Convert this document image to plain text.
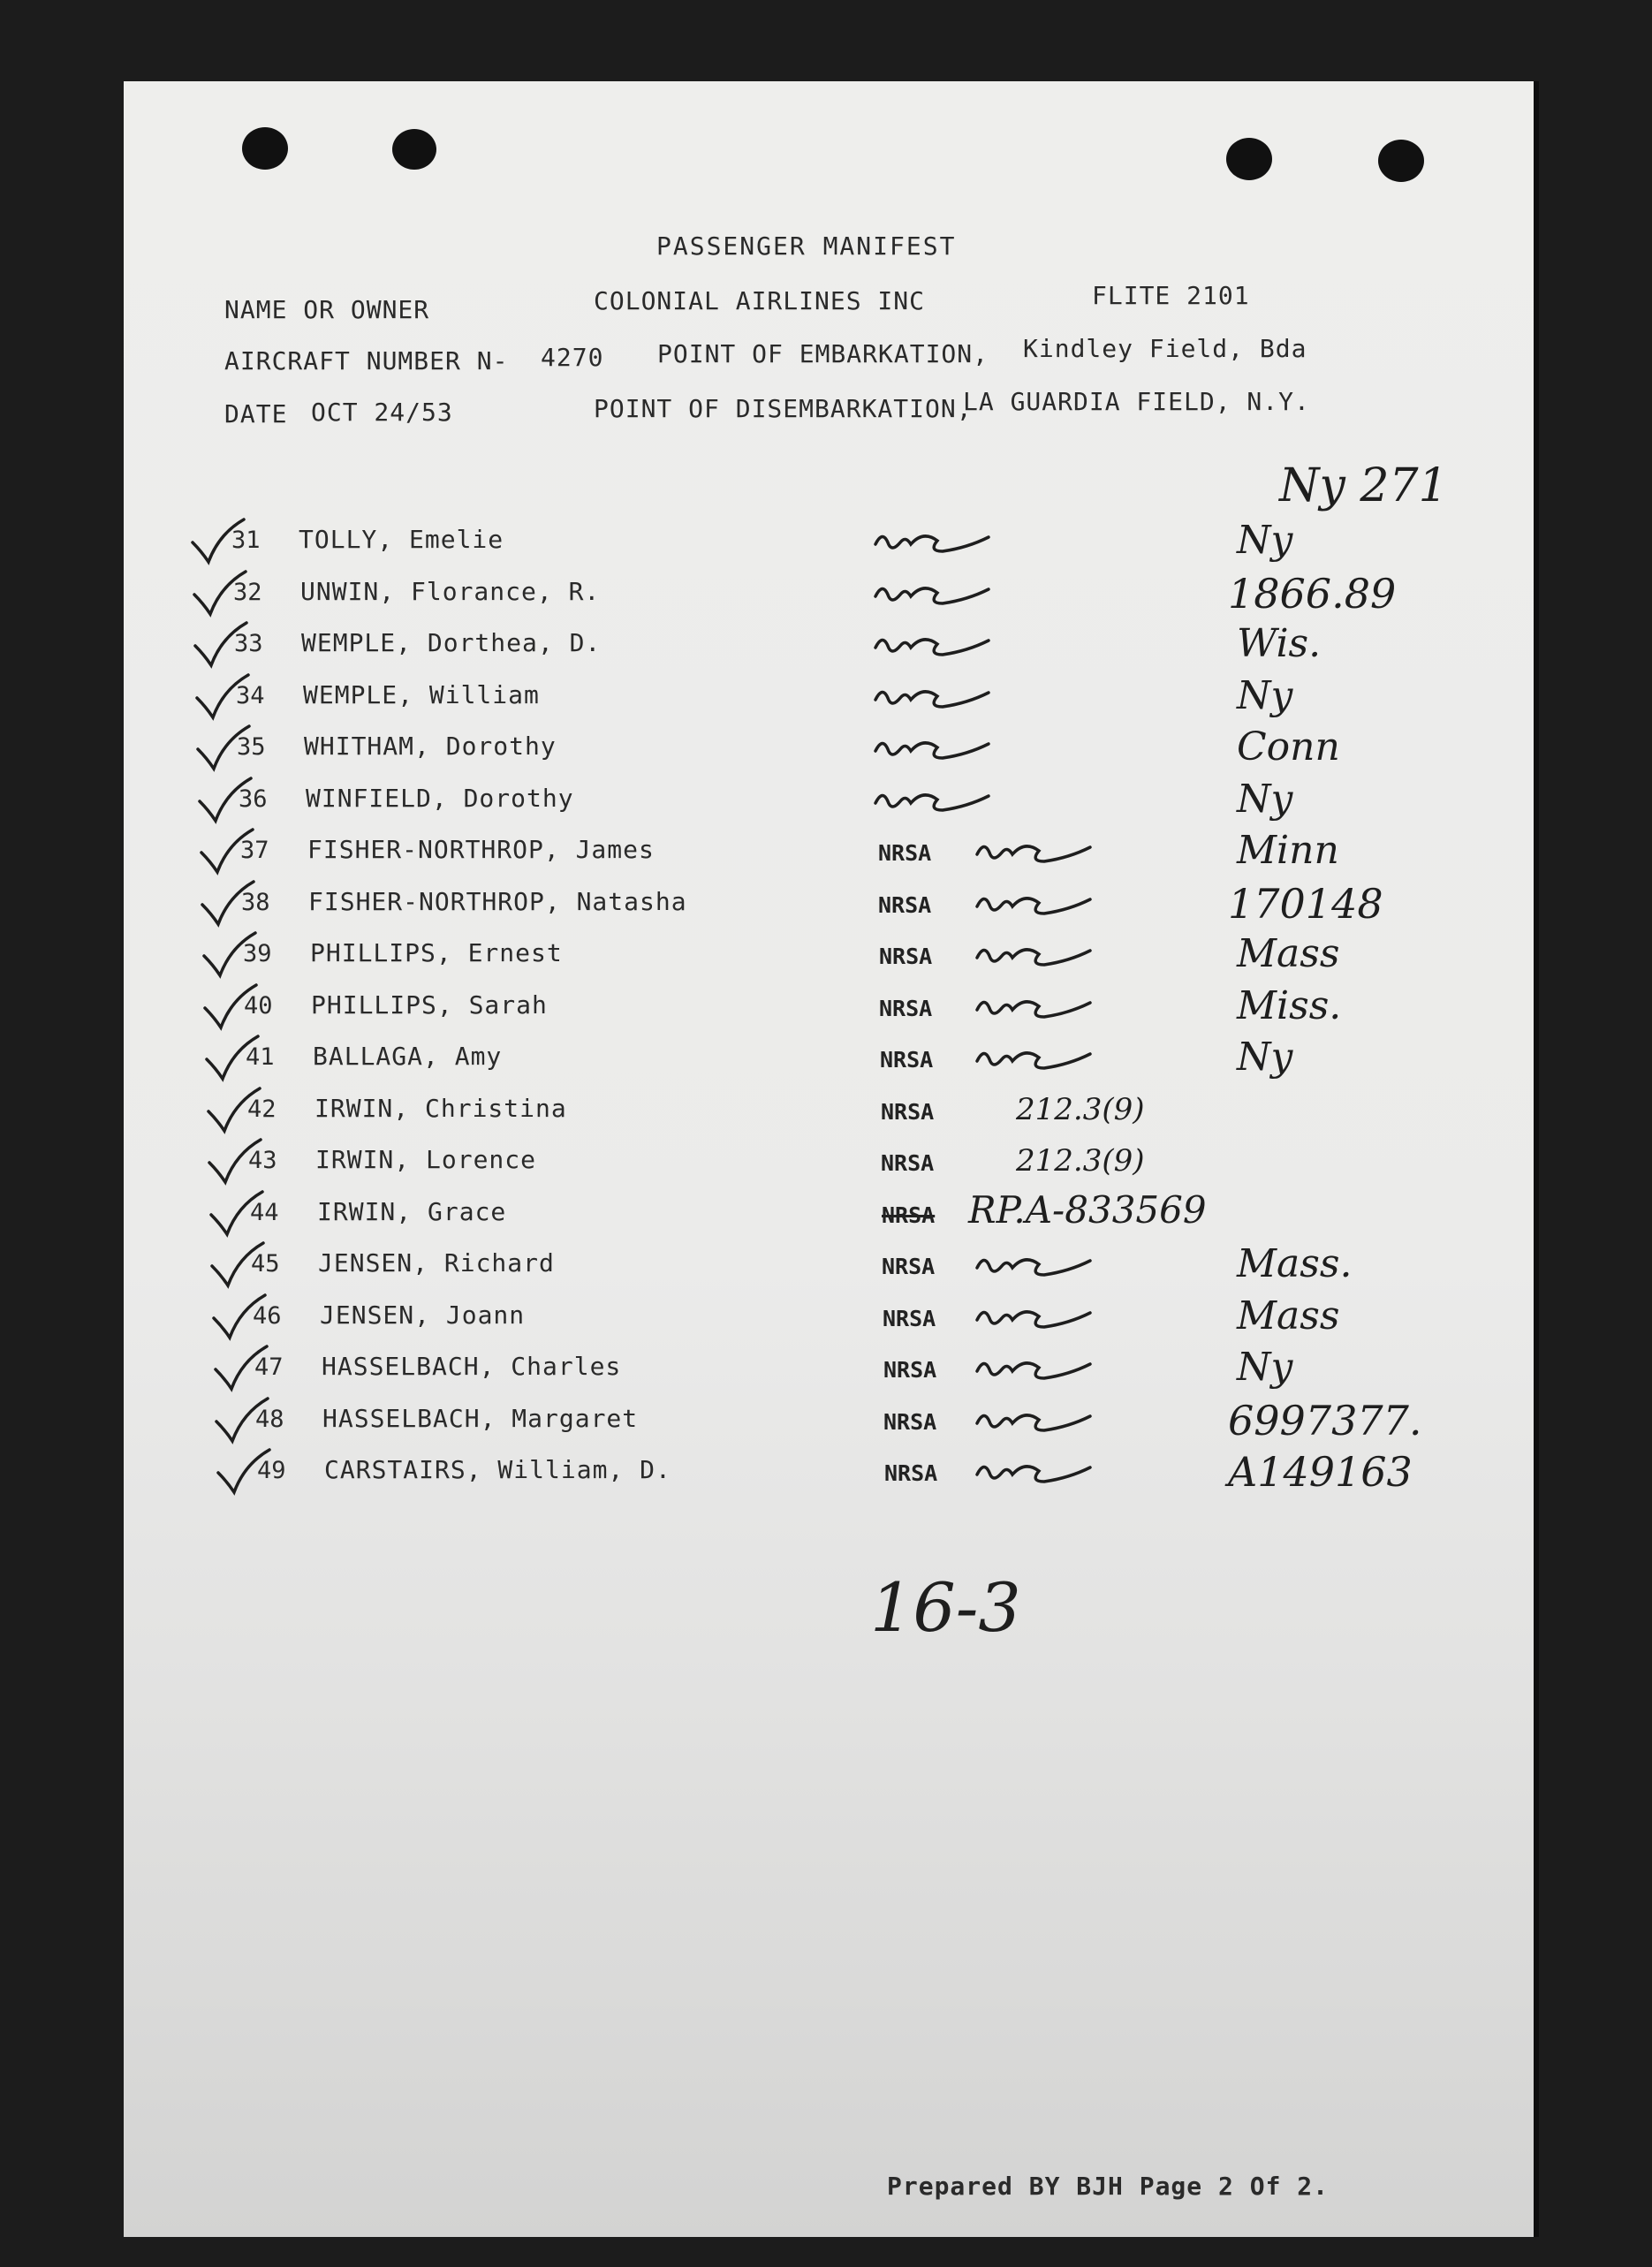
PASSENGER MANIFEST
NAME OR OWNER	COLONIAL AIRLINES INC	FLITE 2101
AIRCRAFT NUMBER N- 4270 POINT OF EMBARKATION, Kindley Field, Bda
DATE OCT 24/53	POINT OF DISEMBARKATION,
LA GUARDIA FIELD, N.Y.
Ny 271
31 TOLLY, Emelie	Ny
32 UNWIN, Florance, R.	1866.89
33 WEMPLE, Dorthea, D.	Wis.
34 WEMPLE, William	Ny
35 WHITHAM, Dorothy	Conn
36 WINFIELD, Dorothy	Ny
37 FISHER-NORTHROP, James	NRSA	Minn
38 FISHER-NORTHROP, Natasha	NRSA	170148
39 PHILLIPS, Ernest	NRSA	Mass
40 PHILLIPS, Sarah	NRSA	Miss.
41 BALLAGA, Amy	NRSA	Ny
42 IRWIN, Christina	NRSA	212.3(9)
43 IRWIN, Lorence	NRSA	212.3(9)
44 IRWIN, Grace	NRSA RP.A-833569
45 JENSEN, Richard	NRSA	Mass.
46 JENSEN, Joann	NRSA	Mass
47 HASSELBACH, Charles	NRSA	Ny
48 HASSELBACH, Margaret	NRSA	6997377.
49 CARSTAIRS, William, D.	NRSA	A149163
16-3
Prepared BY BJH Page 2 Of 2.
